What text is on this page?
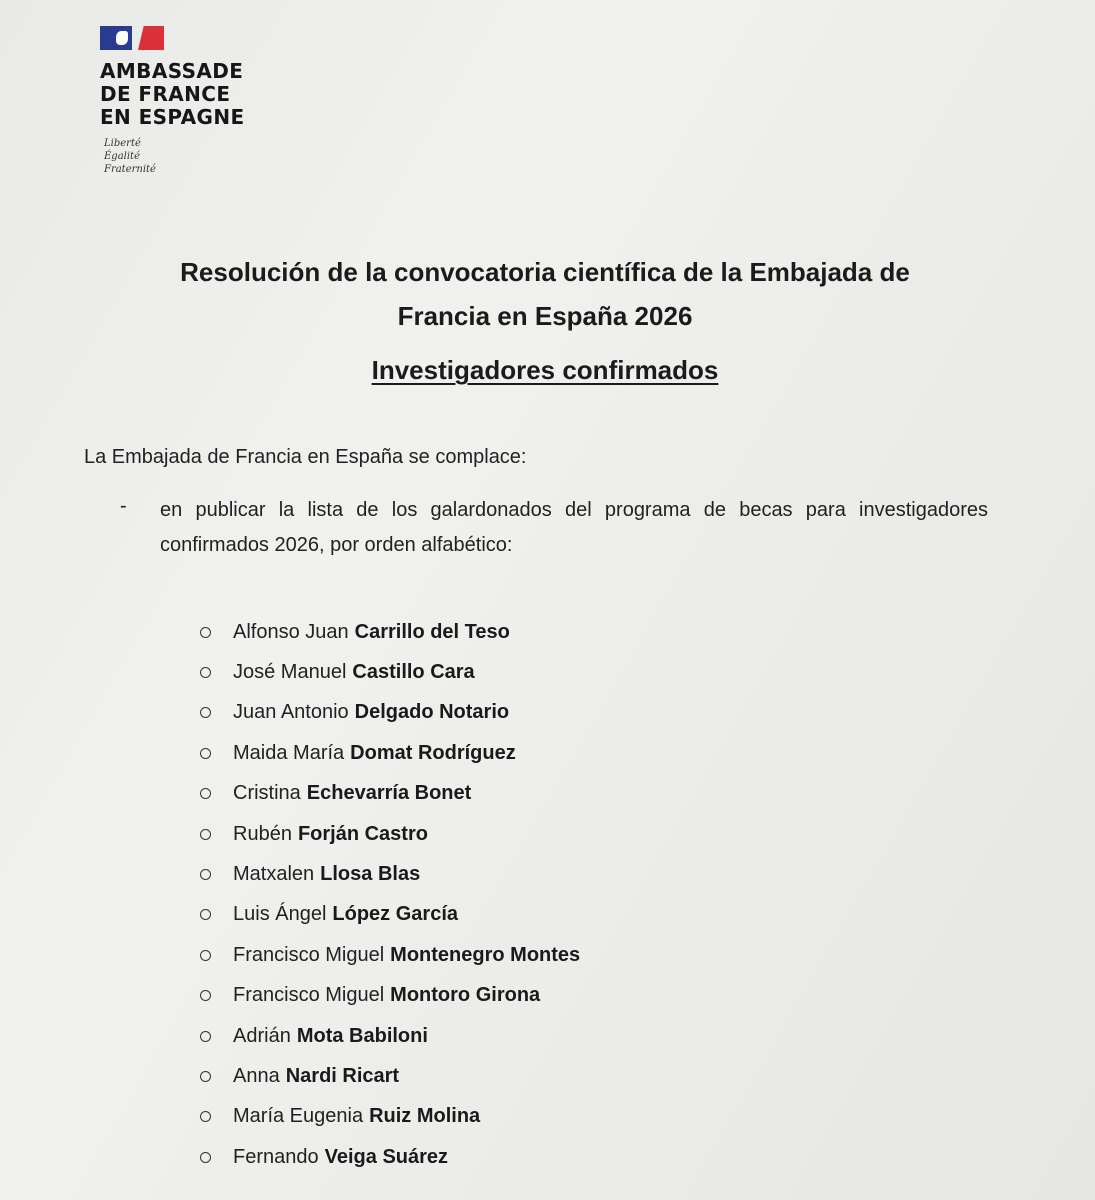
AMBASSADE
DE FRANCE
EN ESPAGNE
Liberté
Égalité
Fraternité
Resolución de la convocatoria científica de la Embajada de
Francia en España 2026
Investigadores confirmados
La Embajada de Francia en España se complace:
- en publicar la lista de los galardonados del programa de becas para investigadores confirmados 2026, por orden alfabético:
Alfonso Juan Carrillo del Teso
José Manuel Castillo Cara
Juan Antonio Delgado Notario
Maida María Domat Rodríguez
Cristina Echevarría Bonet
Rubén Forján Castro
Matxalen Llosa Blas
Luis Ángel López García
Francisco Miguel Montenegro Montes
Francisco Miguel Montoro Girona
Adrián Mota Babiloni
Anna Nardi Ricart
María Eugenia Ruiz Molina
Fernando Veiga Suárez
